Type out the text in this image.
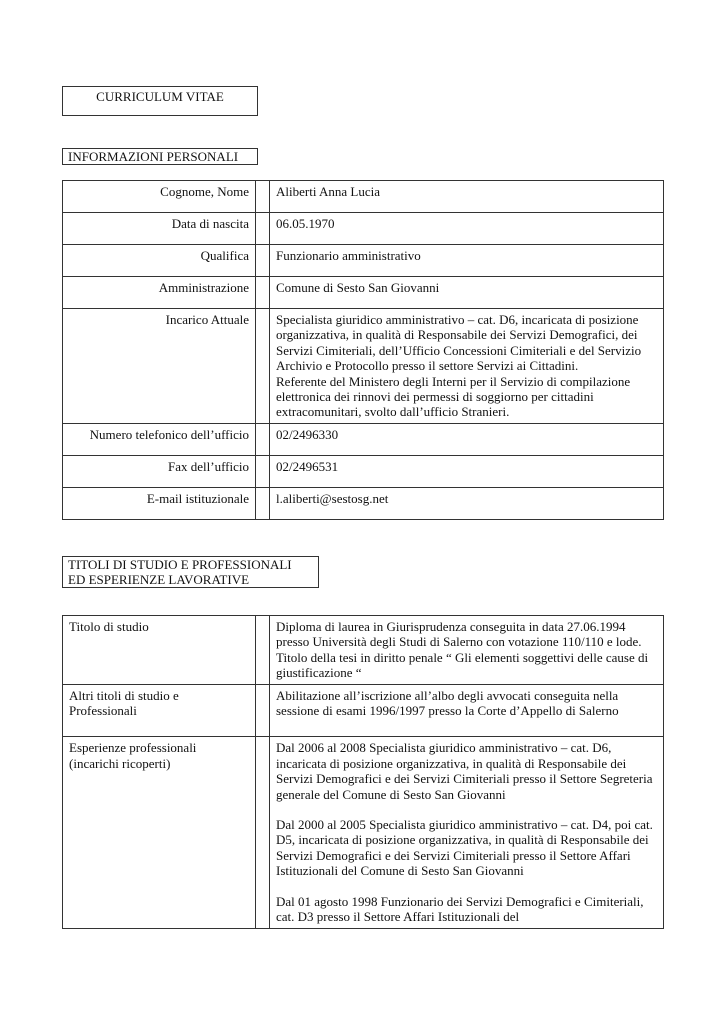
CURRICULUM VITAE
INFORMAZIONI PERSONALI
Cognome, Nome		Aliberti Anna Lucia
Data di nascita		06.05.1970
Qualifica		Funzionario amministrativo
Amministrazione		Comune di Sesto San Giovanni
Incarico Attuale		Specialista giuridico amministrativo – cat. D6, incaricata di posizione organizzativa, in qualità di Responsabile dei Servizi Demografici, dei Servizi Cimiteriali, dell’Ufficio Concessioni Cimiteriali e del Servizio Archivio e Protocollo presso il settore Servizi ai Cittadini.
Referente del Ministero degli Interni per il Servizio di compilazione elettronica dei rinnovi dei permessi di soggiorno per cittadini extracomunitari, svolto dall’ufficio Stranieri.

Numero telefonico dell’ufficio		02/2496330
Fax dell’ufficio		02/2496531
E-mail istituzionale		l.aliberti@sestosg.net
TITOLI DI STUDIO E PROFESSIONALI
ED ESPERIENZE LAVORATIVE
Titolo di studio		Diploma di laurea in Giurisprudenza conseguita in data 27.06.1994 presso Università degli Studi di Salerno con votazione 110/110 e lode.
Titolo della tesi in diritto penale “ Gli elementi soggettivi delle cause di giustificazione “

Altri titoli di studio e
Professionali		Abilitazione all’iscrizione all’albo degli avvocati conseguita nella sessione di esami 1996/1997 presso la Corte d’Appello di Salerno

Esperienze professionali
(incarichi ricoperti)		Dal 2006 al 2008 Specialista giuridico amministrativo – cat. D6, incaricata di posizione organizzativa, in qualità di Responsabile dei Servizi Demografici e dei Servizi Cimiteriali presso il Settore Segreteria generale del Comune di Sesto San Giovanni
Dal 2000 al 2005 Specialista giuridico amministrativo – cat. D4, poi cat. D5, incaricata di posizione organizzativa, in qualità di Responsabile dei Servizi Demografici e dei Servizi Cimiteriali presso il Settore Affari Istituzionali del Comune di Sesto San Giovanni
Dal 01 agosto 1998 Funzionario dei Servizi Demografici e Cimiteriali, cat. D3 presso il Settore Affari Istituzionali del
